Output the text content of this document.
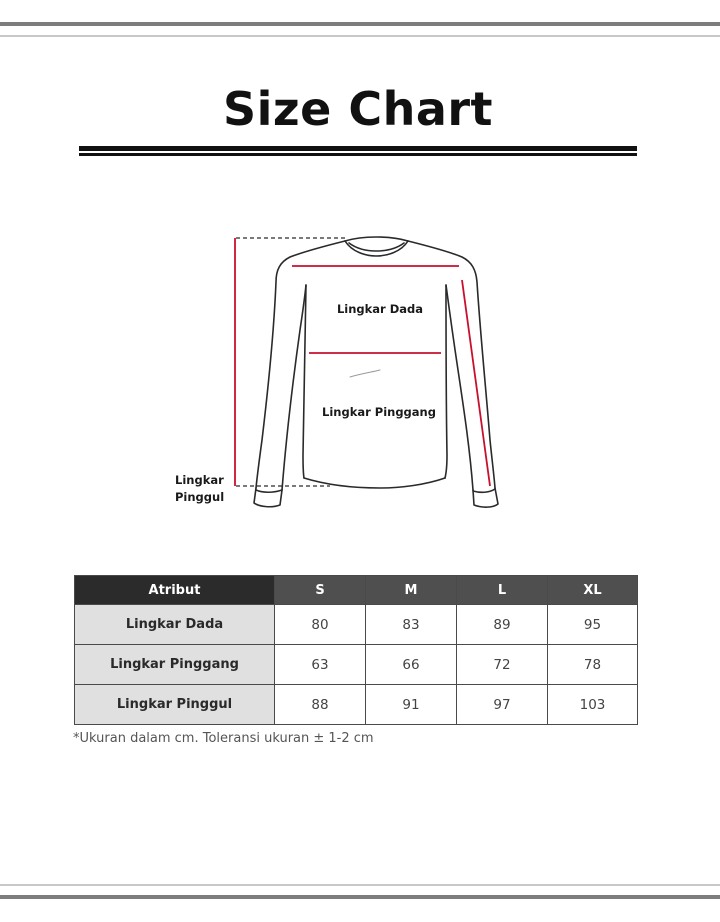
Size Chart
Lingkar Dada
Lingkar Pinggang
Lingkar
Pinggul
Atribut	S	M	L	XL
Lingkar Dada	80	83	89	95
Lingkar Pinggang	63	66	72	78
Lingkar Pinggul	88	91	97	103
*Ukuran dalam cm. Toleransi ukuran ± 1-2 cm
